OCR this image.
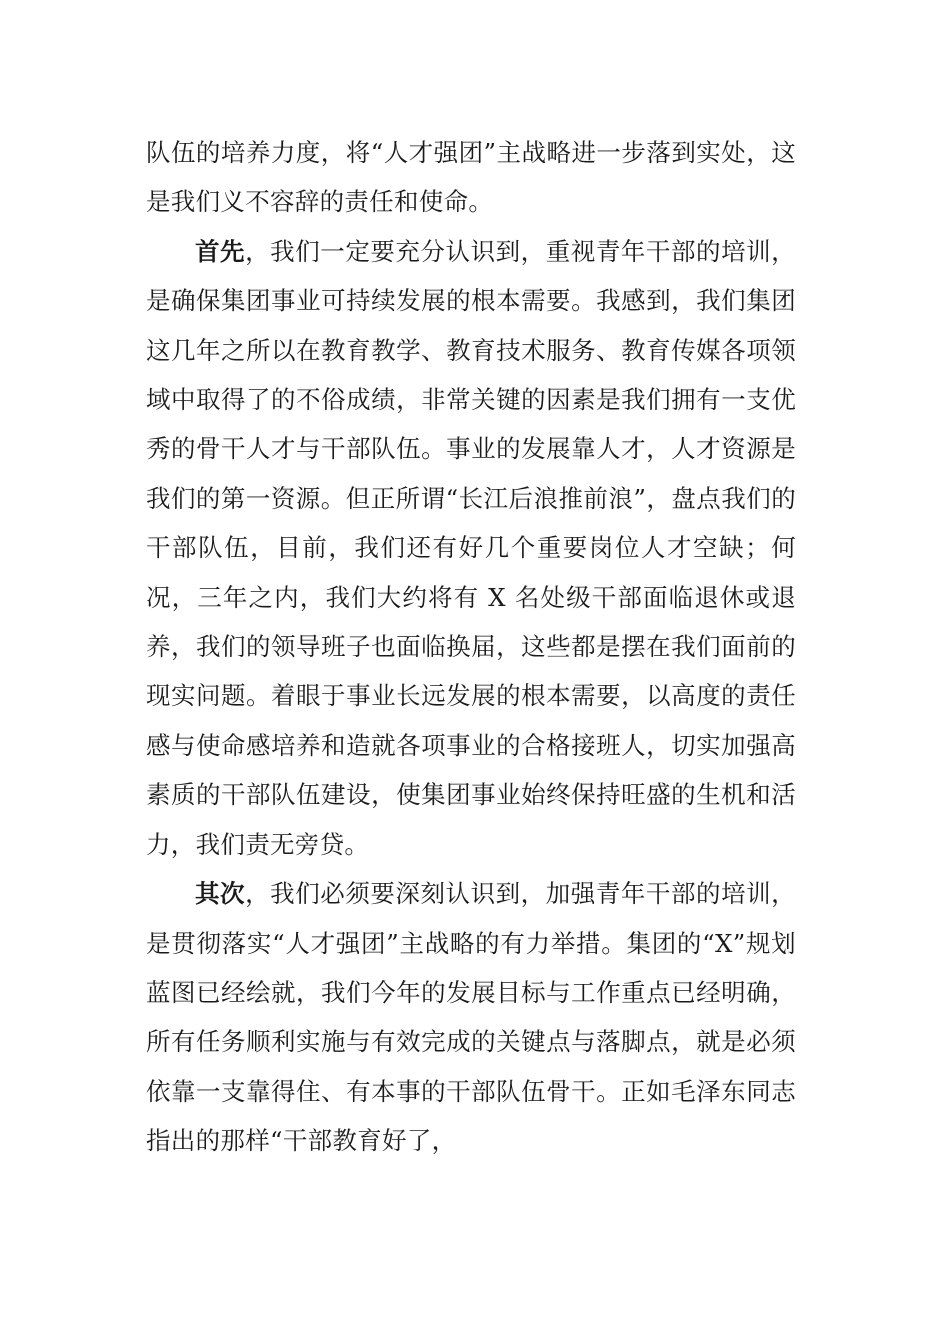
队伍的培养力度，将“人才强团”主战略进一步落到实处，这是我们义不容辞的责任和使命。

首先，我们一定要充分认识到，重视青年干部的培训，是确保集团事业可持续发展的根本需要。我感到，我们集团这几年之所以在教育教学、教育技术服务、教育传媒各项领域中取得了的不俗成绩，非常关键的因素是我们拥有一支优秀的骨干人才与干部队伍。事业的发展靠人才，人才资源是我们的第一资源。但正所谓“长江后浪推前浪”，盘点我们的干部队伍，目前，我们还有好几个重要岗位人才空缺；何况，三年之内，我们大约将有 X 名处级干部面临退休或退养，我们的领导班子也面临换届，这些都是摆在我们面前的现实问题。着眼于事业长远发展的根本需要，以高度的责任感与使命感培养和造就各项事业的合格接班人，切实加强高素质的干部队伍建设，使集团事业始终保持旺盛的生机和活力，我们责无旁贷。

其次，我们必须要深刻认识到，加强青年干部的培训，是贯彻落实“人才强团”主战略的有力举措。集团的“X”规划蓝图已经绘就，我们今年的发展目标与工作重点已经明确，所有任务顺利实施与有效完成的关键点与落脚点，就是必须依靠一支靠得住、有本事的干部队伍骨干。正如毛泽东同志指出的那样“干部教育好了，
